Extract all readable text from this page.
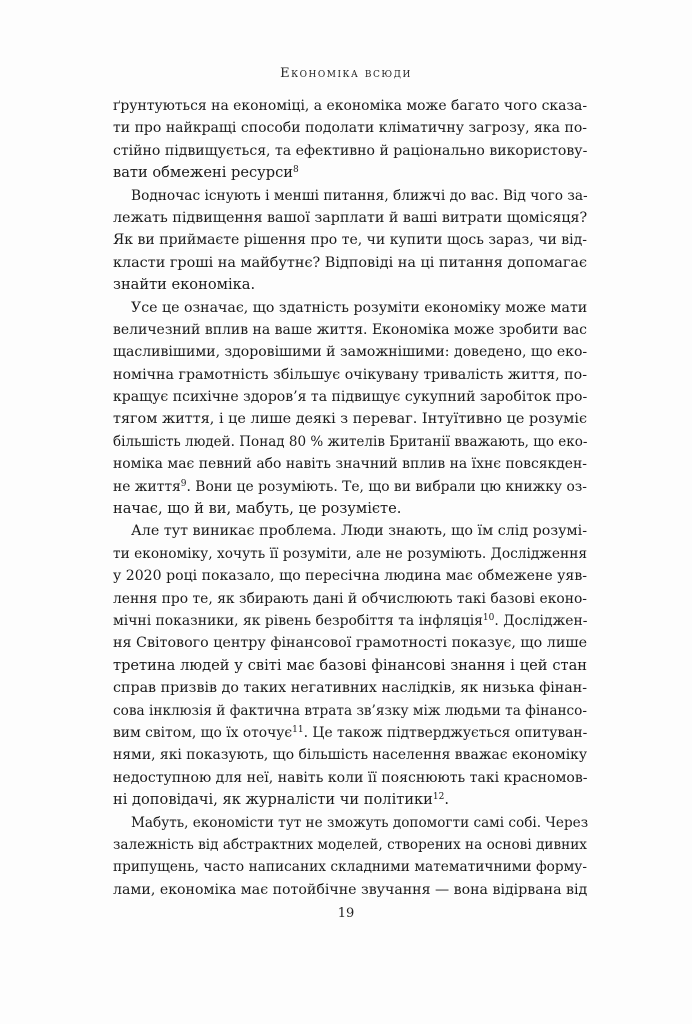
Економіка всюди

ґрунтуються на економіці, а економіка може багато чого сказа-
ти про найкращі способи подолати кліматичну загрозу, яка по-
стійно підвищується, та ефективно й раціонально використову-
вати обмежені ресурси$^8$

Водночас існують і менші питання, ближчі до вас. Від чого за-
лежать підвищення вашої зарплати й ваші витрати щомісяця?
Як ви приймаєте рішення про те, чи купити щось зараз, чи від-
класти гроші на майбутнє? Відповіді на ці питання допомагає
знайти економіка.

Усе це означає, що здатність розуміти економіку може мати
величезний вплив на ваше життя. Економіка може зробити вас
щасливішими, здоровішими й заможнішими: доведено, що еко-
номічна грамотність збільшує очікувану тривалість життя, по-
кращує психічне здоров’я та підвищує сукупний заробіток про-
тягом життя, і це лише деякі з переваг. Інтуїтивно це розуміє
більшість людей. Понад 80 % жителів Британії вважають, що еко-
номіка має певний або навіть значний вплив на їхнє повсякден-
не життя$^9$. Вони це розуміють. Те, що ви вибрали цю книжку оз-
начає, що й ви, мабуть, це розумієте.

Але тут виникає проблема. Люди знають, що їм слід розумі-
ти економіку, хочуть її розуміти, але не розуміють. Дослідження
у 2020 році показало, що пересічна людина має обмежене уяв-
лення про те, як збирають дані й обчислюють такі базові еконо-
мічні показники, як рівень безробіття та інфляція$^{10}$. Досліджен-
ня Світового центру фінансової грамотності показує, що лише
третина людей у світі має базові фінансові знання і цей стан
справ призвів до таких негативних наслідків, як низька фінан-
сова інклюзія й фактична втрата зв’язку між людьми та фінансо-
вим світом, що їх оточує$^{11}$. Це також підтверджується опитуван-
нями, які показують, що більшість населення вважає економіку
недоступною для неї, навіть коли її пояснюють такі красномов-
ні доповідачі, як журналісти чи політики$^{12}$.

Мабуть, економісти тут не зможуть допомогти самі собі. Через
залежність від абстрактних моделей, створених на основі дивних
припущень, часто написаних складними математичними форму-
лами, економіка має потойбічне звучання — вона відірвана від

19
